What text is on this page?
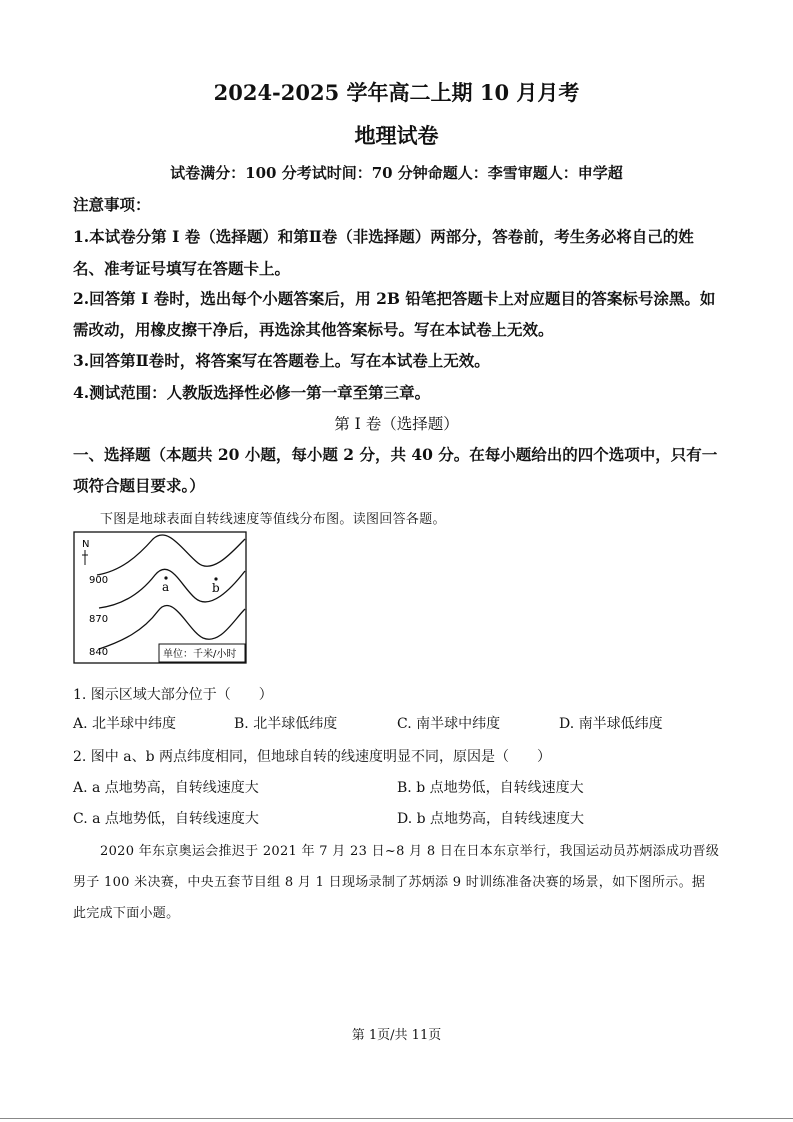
2024-2025 学年高二上期 10 月月考
地理试卷
试卷满分：100 分考试时间：70 分钟命题人：李雪审题人：申学超
注意事项：
1.本试卷分第 I 卷（选择题）和第Ⅱ卷（非选择题）两部分，答卷前，考生务必将自己的姓
名、准考证号填写在答题卡上。
2.回答第 I 卷时，选出每个小题答案后，用 2B 铅笔把答题卡上对应题目的答案标号涂黑。如
需改动，用橡皮擦干净后，再选涂其他答案标号。写在本试卷上无效。
3.回答第Ⅱ卷时，将答案写在答题卷上。写在本试卷上无效。
4.测试范围：人教版选择性必修一第一章至第三章。
第 I 卷（选择题）
一、选择题（本题共 20 小题，每小题 2 分，共 40 分。在每小题给出的四个选项中，只有一
项符合题目要求。）
下图是地球表面自转线速度等值线分布图。读图回答各题。
N
900
870
840
a	b
单位：千米/小时
1. 图示区域大部分位于（　　）
A. 北半球中纬度	B. 北半球低纬度	C. 南半球中纬度	D. 南半球低纬度
2. 图中 a、b 两点纬度相同，但地球自转的线速度明显不同，原因是（　　）
A. a 点地势高，自转线速度大	B. b 点地势低，自转线速度大
C. a 点地势低，自转线速度大	D. b 点地势高，自转线速度大
2020 年东京奥运会推迟于 2021 年 7 月 23 日~8 月 8 日在日本东京举行，我国运动员苏炳添成功晋级
男子 100 米决赛，中央五套节目组 8 月 1 日现场录制了苏炳添 9 时训练准备决赛的场景，如下图所示。据
此完成下面小题。
第 1页/共 11页
